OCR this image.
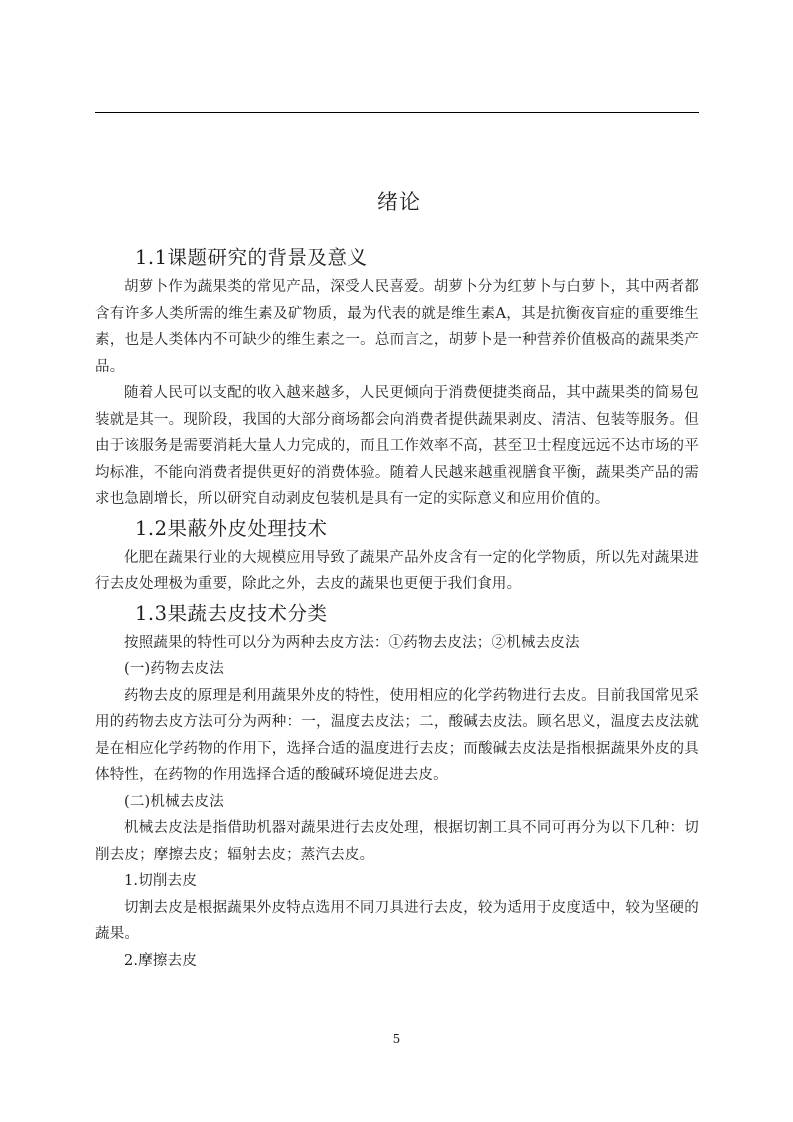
绪论
1.1课题研究的背景及意义

胡萝卜作为蔬果类的常见产品，深受人民喜爱。胡萝卜分为红萝卜与白萝卜，其中两者都含有许多人类所需的维生素及矿物质，最为代表的就是维生素A，其是抗衡夜盲症的重要维生素，也是人类体内不可缺少的维生素之一。总而言之，胡萝卜是一种营养价值极高的蔬果类产品。

随着人民可以支配的收入越来越多，人民更倾向于消费便捷类商品，其中蔬果类的简易包装就是其一。现阶段，我国的大部分商场都会向消费者提供蔬果剥皮、清洁、包装等服务。但由于该服务是需要消耗大量人力完成的，而且工作效率不高，甚至卫士程度远远不达市场的平均标准，不能向消费者提供更好的消费体验。随着人民越来越重视膳食平衡，蔬果类产品的需求也急剧增长，所以研究自动剥皮包装机是具有一定的实际意义和应用价值的。

1.2果蔽外皮处理技术

化肥在蔬果行业的大规模应用导致了蔬果产品外皮含有一定的化学物质，所以先对蔬果进行去皮处理极为重要，除此之外，去皮的蔬果也更便于我们食用。

1.3果蔬去皮技术分类

按照蔬果的特性可以分为两种去皮方法：①药物去皮法；②机械去皮法

(一)药物去皮法

药物去皮的原理是利用蔬果外皮的特性，使用相应的化学药物进行去皮。目前我国常见采用的药物去皮方法可分为两种：一，温度去皮法；二，酸碱去皮法。顾名思义，温度去皮法就是在相应化学药物的作用下，选择合适的温度进行去皮；而酸碱去皮法是指根据蔬果外皮的具体特性，在药物的作用选择合适的酸碱环境促进去皮。

(二)机械去皮法

机械去皮法是指借助机器对蔬果进行去皮处理，根据切割工具不同可再分为以下几种：切削去皮；摩擦去皮；辐射去皮；蒸汽去皮。

1.切削去皮

切割去皮是根据蔬果外皮特点选用不同刀具进行去皮，较为适用于皮度适中，较为坚硬的蔬果。

2.摩擦去皮

5
